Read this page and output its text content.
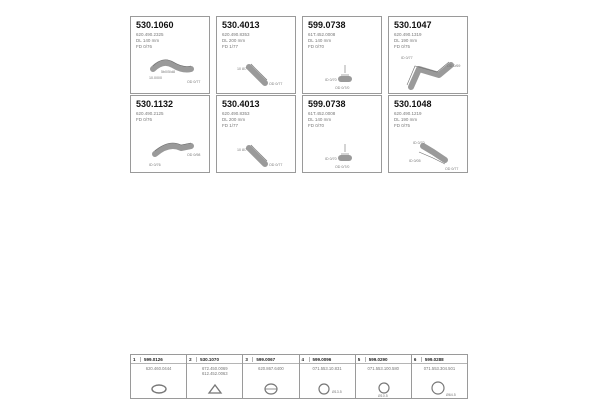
530.1060
620.490.2325
DL 140 mm
FD 0/76
5b0/5/d8
10.0/0/0
OD 0/77
530.4013
620.490.8353
DL 200 mm
FD 1/77
10 8/7
OD 0/77
599.0738
61T.452.0008
DL 140 mm
FD 0/70
ID 0/70
OD 0/7/0
530.1047
620.490.1319
DL 190 mm
FD 0/75
ID 0/77
OD 0/69
530.1132
620.490.2125
FD 0/76
OD 0/98
ID 0/76
530.4013
620.490.8353
DL 200 mm
FD 1/77
10 8/7
OD 0/77
599.0738
61T.452.0008
DL 140 mm
FD 0/70
ID 0/70
OD 0/7/0
530.1048
620.490.1219
DL 190 mm
FD 0/75
ID 0/70
OD 0/77
ID 0/05
1	599.0126
620.460.0444
2	530.1070
672.450.0069
612.452.0063
3	599.0067
620.867.6400
4	599.0096
071.553.10.831
Ø13.5
5	599.0290
071.553.100.580
Ø10.5
6	599.0288
071.553.304.501
Ø64.5
